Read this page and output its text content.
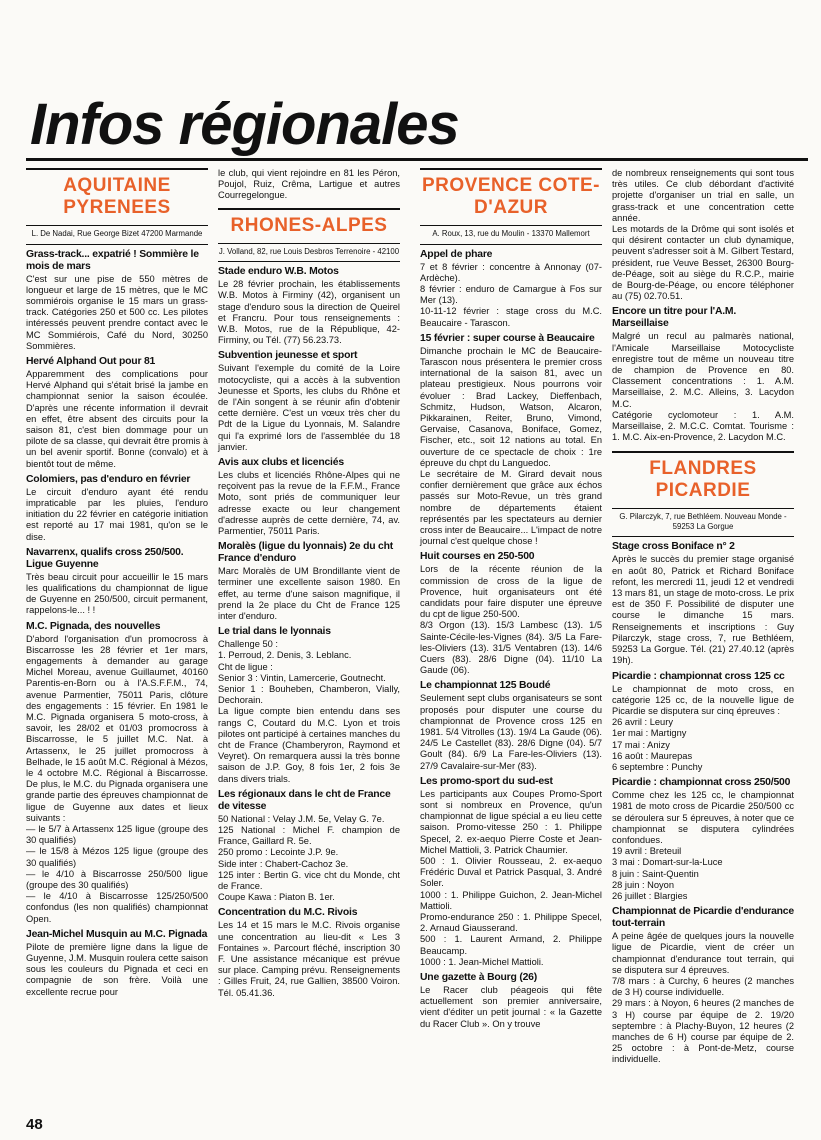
Infos régionales
AQUITAINE PYRENEES
L. De Nadai, Rue George Bizet 47200 Marmande
Grass-track... expatrié ! Sommière le mois de mars

C'est sur une pise de 550 mètres de longueur et large de 15 mètres, que le MC sommiérois organise le 15 mars un grass-track. Catégories 250 et 500 cc. Les pilotes intéressés peuvent prendre contact avec le MC Sommiérois, Café du Nord, 30250 Sommières.

Hervé Alphand Out pour 81

Apparemment des complications pour Hervé Alphand qui s'était brisé la jambe en championnat senior la saison écoulée. D'après une récente information il devrait en effet, être absent des circuits pour la saison 81, c'est bien dommage pour un pilote de sa classe, qui devrait être promis à un bel avenir sportif. Bonne (convalo) et à bientôt tout de même.

Colomiers, pas d'enduro en février

Le circuit d'enduro ayant été rendu impraticable par les pluies, l'enduro initiation du 22 février en catégorie initiation est reporté au 17 mai 1981, qu'on se le dise.

Navarrenx, qualifs cross 250/500. Ligue Guyenne

Très beau circuit pour accueillir le 15 mars les qualifications du championnat de ligue de Guyenne en 250/500, circuit permanent, rappelons-le... ! !

M.C. Pignada, des nouvelles

D'abord l'organisation d'un promocross à Biscarrosse les 28 février et 1er mars, engagements à demander au garage Michel Moreau, avenue Guillaumet, 40160 Parentis-en-Born ou à l'A.S.F.F.M., 74, avenue Parmentier, 75011 Paris, clôture des engagements : 15 février. En 1981 le M.C. Pignada organisera 5 moto-cross, à savoir, les 28/02 et 01/03 promocross à Biscarrosse, le 5 juillet M.C. Nat. à Artassenx, le 25 juillet promocross à Belhade, le 15 août M.C. Régional à Mézos, le 4 octobre M.C. Régional à Biscarrosse. De plus, le M.C. du Pignada organisera une grande partie des épreuves championnat de ligue de Guyenne aux dates et lieux suivants :

— le 5/7 à Artassenx 125 ligue (groupe des 30 qualifiés)

— le 15/8 à Mézos 125 ligue (groupe des 30 qualifiés)

— le 4/10 à Biscarrosse 250/500 ligue (groupe des 30 qualifiés)

— le 4/10 à Biscarrosse 125/250/500 confondus (les non qualifiés) championnat Open.

Jean-Michel Musquin au M.C. Pignada

Pilote de première ligne dans la ligue de Guyenne, J.M. Musquin roulera cette saison sous les couleurs du Pignada et ceci en compagnie de son frère. Voilà une excellente recrue pour

le club, qui vient rejoindre en 81 les Péron, Poujol, Ruiz, Crêma, Lartigue et autres Courregelongue.

RHONES-ALPES
J. Volland, 82, rue Louis Desbros Terrenoire - 42100
Stade enduro W.B. Motos

Le 28 février prochain, les établissements W.B. Motos à Firminy (42), organisent un stage d'enduro sous la direction de Queirel et Francru. Pour tous renseignements : W.B. Motos, rue de la République, 42-Firminy, ou Tél. (77) 56.23.73.

Subvention jeunesse et sport

Suivant l'exemple du comité de la Loire motocycliste, qui a accès à la subvention Jeunesse et Sports, les clubs du Rhône et de l'Ain songent à se réunir afin d'obtenir cette dernière. C'est un vœux très cher du Pdt de la Ligue du Lyonnais, M. Salandre qui l'a exprimé lors de l'assemblée du 18 janvier.

Avis aux clubs et licenciés

Les clubs et licenciés Rhône-Alpes qui ne reçoivent pas la revue de la F.F.M., France Moto, sont priés de communiquer leur adresse exacte ou leur changement d'adresse auprès de cette dernière, 74, av. Parmentier, 75011 Paris.

Moralès (ligue du lyonnais) 2e du cht France d'enduro

Marc Moralès de UM Brondillante vient de terminer une excellente saison 1980. En effet, au terme d'une saison magnifique, il prend la 2e place du Cht de France 125 inter d'enduro.

Le trial dans le lyonnais

Challenge 50 :

1. Perroud, 2. Denis, 3. Leblanc.

Cht de ligue :

Senior 3 : Vintin, Lamercerie, Goutnecht.

Senior 1 : Bouheben, Chamberon, Vially, Dechorain.

La ligue compte bien entendu dans ses rangs C, Coutard du M.C. Lyon et trois pilotes ont participé à certaines manches du cht de France (Chamberyron, Raymond et Veyret). On remarquera aussi la très bonne saison de J.P. Goy, 8 fois 1er, 2 fois 3e dans divers trials.

Les régionaux dans le cht de France de vitesse

50 National : Velay J.M. 5e, Velay G. 7e.

125 National : Michel F. champion de France, Gaillard R. 5e.

250 promo : Lecointe J.P. 9e.

Side inter : Chabert-Cachoz 3e.

125 inter : Bertin G. vice cht du Monde, cht de France.

Coupe Kawa : Piaton B. 1er.

Concentration du M.C. Rivois

Les 14 et 15 mars le M.C. Rivois organise une concentration au lieu-dit « Les 3 Fontaines ». Parcourt fléché, inscription 30 F. Une assistance mécanique est prévue sur place. Camping prévu. Renseignements : Gilles Fruit, 24, rue Gallien, 38500 Voiron. Tél. 05.41.36.

PROVENCE COTE-D'AZUR
A. Roux, 13, rue du Moulin - 13370 Mallemort
Appel de phare

7 et 8 février : concentre à Annonay (07-Ardèche).

8 février : enduro de Camargue à Fos sur Mer (13).

10-11-12 février : stage cross du M.C. Beaucaire - Tarascon.

15 février : super course à Beaucaire

Dimanche prochain le MC de Beaucaire-Tarascon nous présentera le premier cross international de la saison 81, avec un plateau prestigieux. Nous pourrons voir évoluer : Brad Lackey, Dieffenbach, Schmitz, Hudson, Watson, Alcaron, Pikkarainen, Reiter, Bruno, Vimond, Gervaise, Casanova, Boniface, Gomez, Fischer, etc., soit 12 nations au total. En ouverture de ce spectacle de choix : 1re épreuve du chpt du Languedoc.

Le secrétaire de M. Girard devait nous confier dernièrement que grâce aux échos passés sur Moto-Revue, un très grand nombre de départements étaient représentés par les spectateurs au dernier cross inter de Beaucaire... L'impact de notre journal c'est quelque chose !

Huit courses en 250-500

Lors de la récente réunion de la commission de cross de la ligue de Provence, huit organisateurs ont été candidats pour faire disputer une épreuve du cpt de ligue 250-500.

8/3 Orgon (13). 15/3 Lambesc (13). 1/5 Sainte-Cécile-les-Vignes (84). 3/5 La Fare-les-Oliviers (13). 31/5 Ventabren (13). 14/6 Cuers (83). 28/6 Digne (04). 11/10 La Gaude (06).

Le championnat 125 Boudé

Seulement sept clubs organisateurs se sont proposés pour disputer une course du championnat de Provence cross 125 en 1981. 5/4 Vitrolles (13). 19/4 La Gaude (06). 24/5 Le Castellet (83). 28/6 Digne (04). 5/7 Goult (84). 6/9 La Fare-les-Oliviers (13). 27/9 Cavalaire-sur-Mer (83).

Les promo-sport du sud-est

Les participants aux Coupes Promo-Sport sont si nombreux en Provence, qu'un championnat de ligue spécial a eu lieu cette saison. Promo-vitesse 250 : 1. Philippe Specel, 2. ex-aequo Pierre Coste et Jean-Michel Mattioli, 3. Patrick Chaumier.

500 : 1. Olivier Rousseau, 2. ex-aequo Frédéric Duval et Patrick Pasqual, 3. André Soler.

1000 : 1. Philippe Guichon, 2. Jean-Michel Mattioli.

Promo-endurance 250 : 1. Philippe Specel, 2. Arnaud Giausserand.

500 : 1. Laurent Armand, 2. Philippe Beaucamp.

1000 : 1. Jean-Michel Mattioli.

Une gazette à Bourg (26)

Le Racer club péageois qui fête actuellement son premier anniversaire, vient d'éditer un petit journal : « la Gazette du Racer Club ». On y trouve

de nombreux renseignements qui sont tous très utiles. Ce club débordant d'activité projette d'organiser un trial en salle, un grass-track et une concentration cette année.

Les motards de la Drôme qui sont isolés et qui désirent contacter un club dynamique, peuvent s'adresser soit à M. Gilbert Testard, président, rue Veuve Besset, 26300 Bourg-de-Péage, soit au siège du R.C.P., mairie de Bourg-de-Péage, ou encore téléphoner au (75) 02.70.51.

Encore un titre pour l'A.M. Marseillaise

Malgré un recul au palmarès national, l'Amicale Marseillaise Motocycliste enregistre tout de même un nouveau titre de champion de Provence en 80. Classement concentrations : 1. A.M. Marseillaise, 2. M.C. Alleins, 3. Lacydon M.C.

Catégorie cyclomoteur : 1. A.M. Marseillaise, 2. M.C.C. Comtat. Tourisme : 1. M.C. Aix-en-Provence, 2. Lacydon M.C.

FLANDRES PICARDIE
G. Pilarczyk, 7, rue Bethléem. Nouveau Monde - 59253 La Gorgue
Stage cross Boniface n° 2

Après le succès du premier stage organisé en août 80, Patrick et Richard Boniface refont, les mercredi 11, jeudi 12 et vendredi 13 mars 81, un stage de moto-cross. Le prix est de 350 F. Possibilité de disputer une course le dimanche 15 mars. Renseignements et inscriptions : Guy Pilarczyk, stage cross, 7, rue Bethléem, 59253 La Gorgue. Tél. (21) 27.40.12 (après 19h).

Picardie : championnat cross 125 cc

Le championnat de moto cross, en catégorie 125 cc, de la nouvelle ligue de Picardie se disputera sur cinq épreuves :

26 avril : Leury

1er mai : Martigny

17 mai : Anizy

16 août : Maurepas

6 septembre : Punchy

Picardie : championnat cross 250/500

Comme chez les 125 cc, le championnat 1981 de moto cross de Picardie 250/500 cc se déroulera sur 5 épreuves, à noter que ce championnat se disputera cylindrées confondues.

19 avril : Breteuil

3 mai : Domart-sur-la-Luce

8 juin : Saint-Quentin

28 juin : Noyon

26 juillet : Blargies

Championnat de Picardie d'endurance tout-terrain

A peine âgée de quelques jours la nouvelle ligue de Picardie, vient de créer un championnat d'endurance tout terrain, qui se disputera sur 4 épreuves.

7/8 mars : à Curchy, 6 heures (2 manches de 3 H) course individuelle.

29 mars : à Noyon, 6 heures (2 manches de 3 H) course par équipe de 2. 19/20 septembre : à Plachy-Buyon, 12 heures (2 manches de 6 H) course par équipe de 2. 25 octobre : à Pont-de-Metz, course individuelle.

48
